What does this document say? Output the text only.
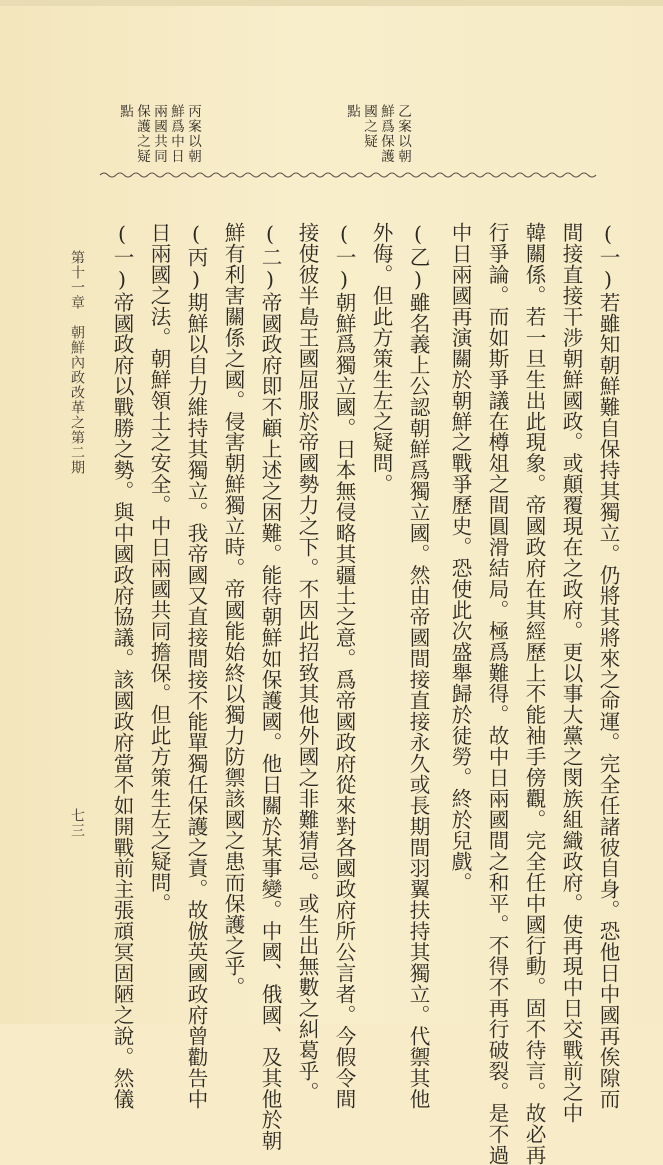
乙案以朝
鮮爲保護
國之疑
點
丙案以朝
鮮爲中日
兩國共同
保護之疑
點
(一)若雖知朝鮮難自保持其獨立。仍將其將來之命運。完全任諸彼自身。恐他日中國再俟隙而
間接直接干涉朝鮮國政。或顛覆現在之政府。更以事大黨之閔族組織政府。使再現中日交戰前之中
韓關係。若一旦生出此現象。帝國政府在其經歷上不能袖手傍觀。完全任中國行動。固不待言。故必再
行爭論。而如斯爭議在樽俎之間圓滑結局。極爲難得。故中日兩國間之和平。不得不再行破裂。是不過
中日兩國再演關於朝鮮之戰爭歷史。恐使此次盛舉歸於徒勞。終於兒戲。
(乙)雖名義上公認朝鮮爲獨立國。然由帝國間接直接永久或長期間羽翼扶持其獨立。代禦其他
外侮。但此方策生左之疑問。
(一)朝鮮爲獨立國。日本無侵略其疆土之意。爲帝國政府從來對各國政府所公言者。今假令間
接使彼半島王國屈服於帝國勢力之下。不因此招致其他外國之非難猜忌。或生出無數之糾葛乎。
(二)帝國政府即不顧上述之困難。能待朝鮮如保護國。他日關於某事變。中國、俄國、及其他於朝
鮮有利害關係之國。侵害朝鮮獨立時。帝國能始終以獨力防禦該國之患而保護之乎。
(丙)期鮮以自力維持其獨立。我帝國又直接間接不能單獨任保護之責。故倣英國政府曾勸告中
日兩國之法。朝鮮領土之安全。中日兩國共同擔保。但此方策生左之疑問。
(一)帝國政府以戰勝之勢。與中國政府協議。該國政府當不如開戰前主張頑冥固陋之說。然儀
第十一章　朝鮮內政改革之第二期
七三
